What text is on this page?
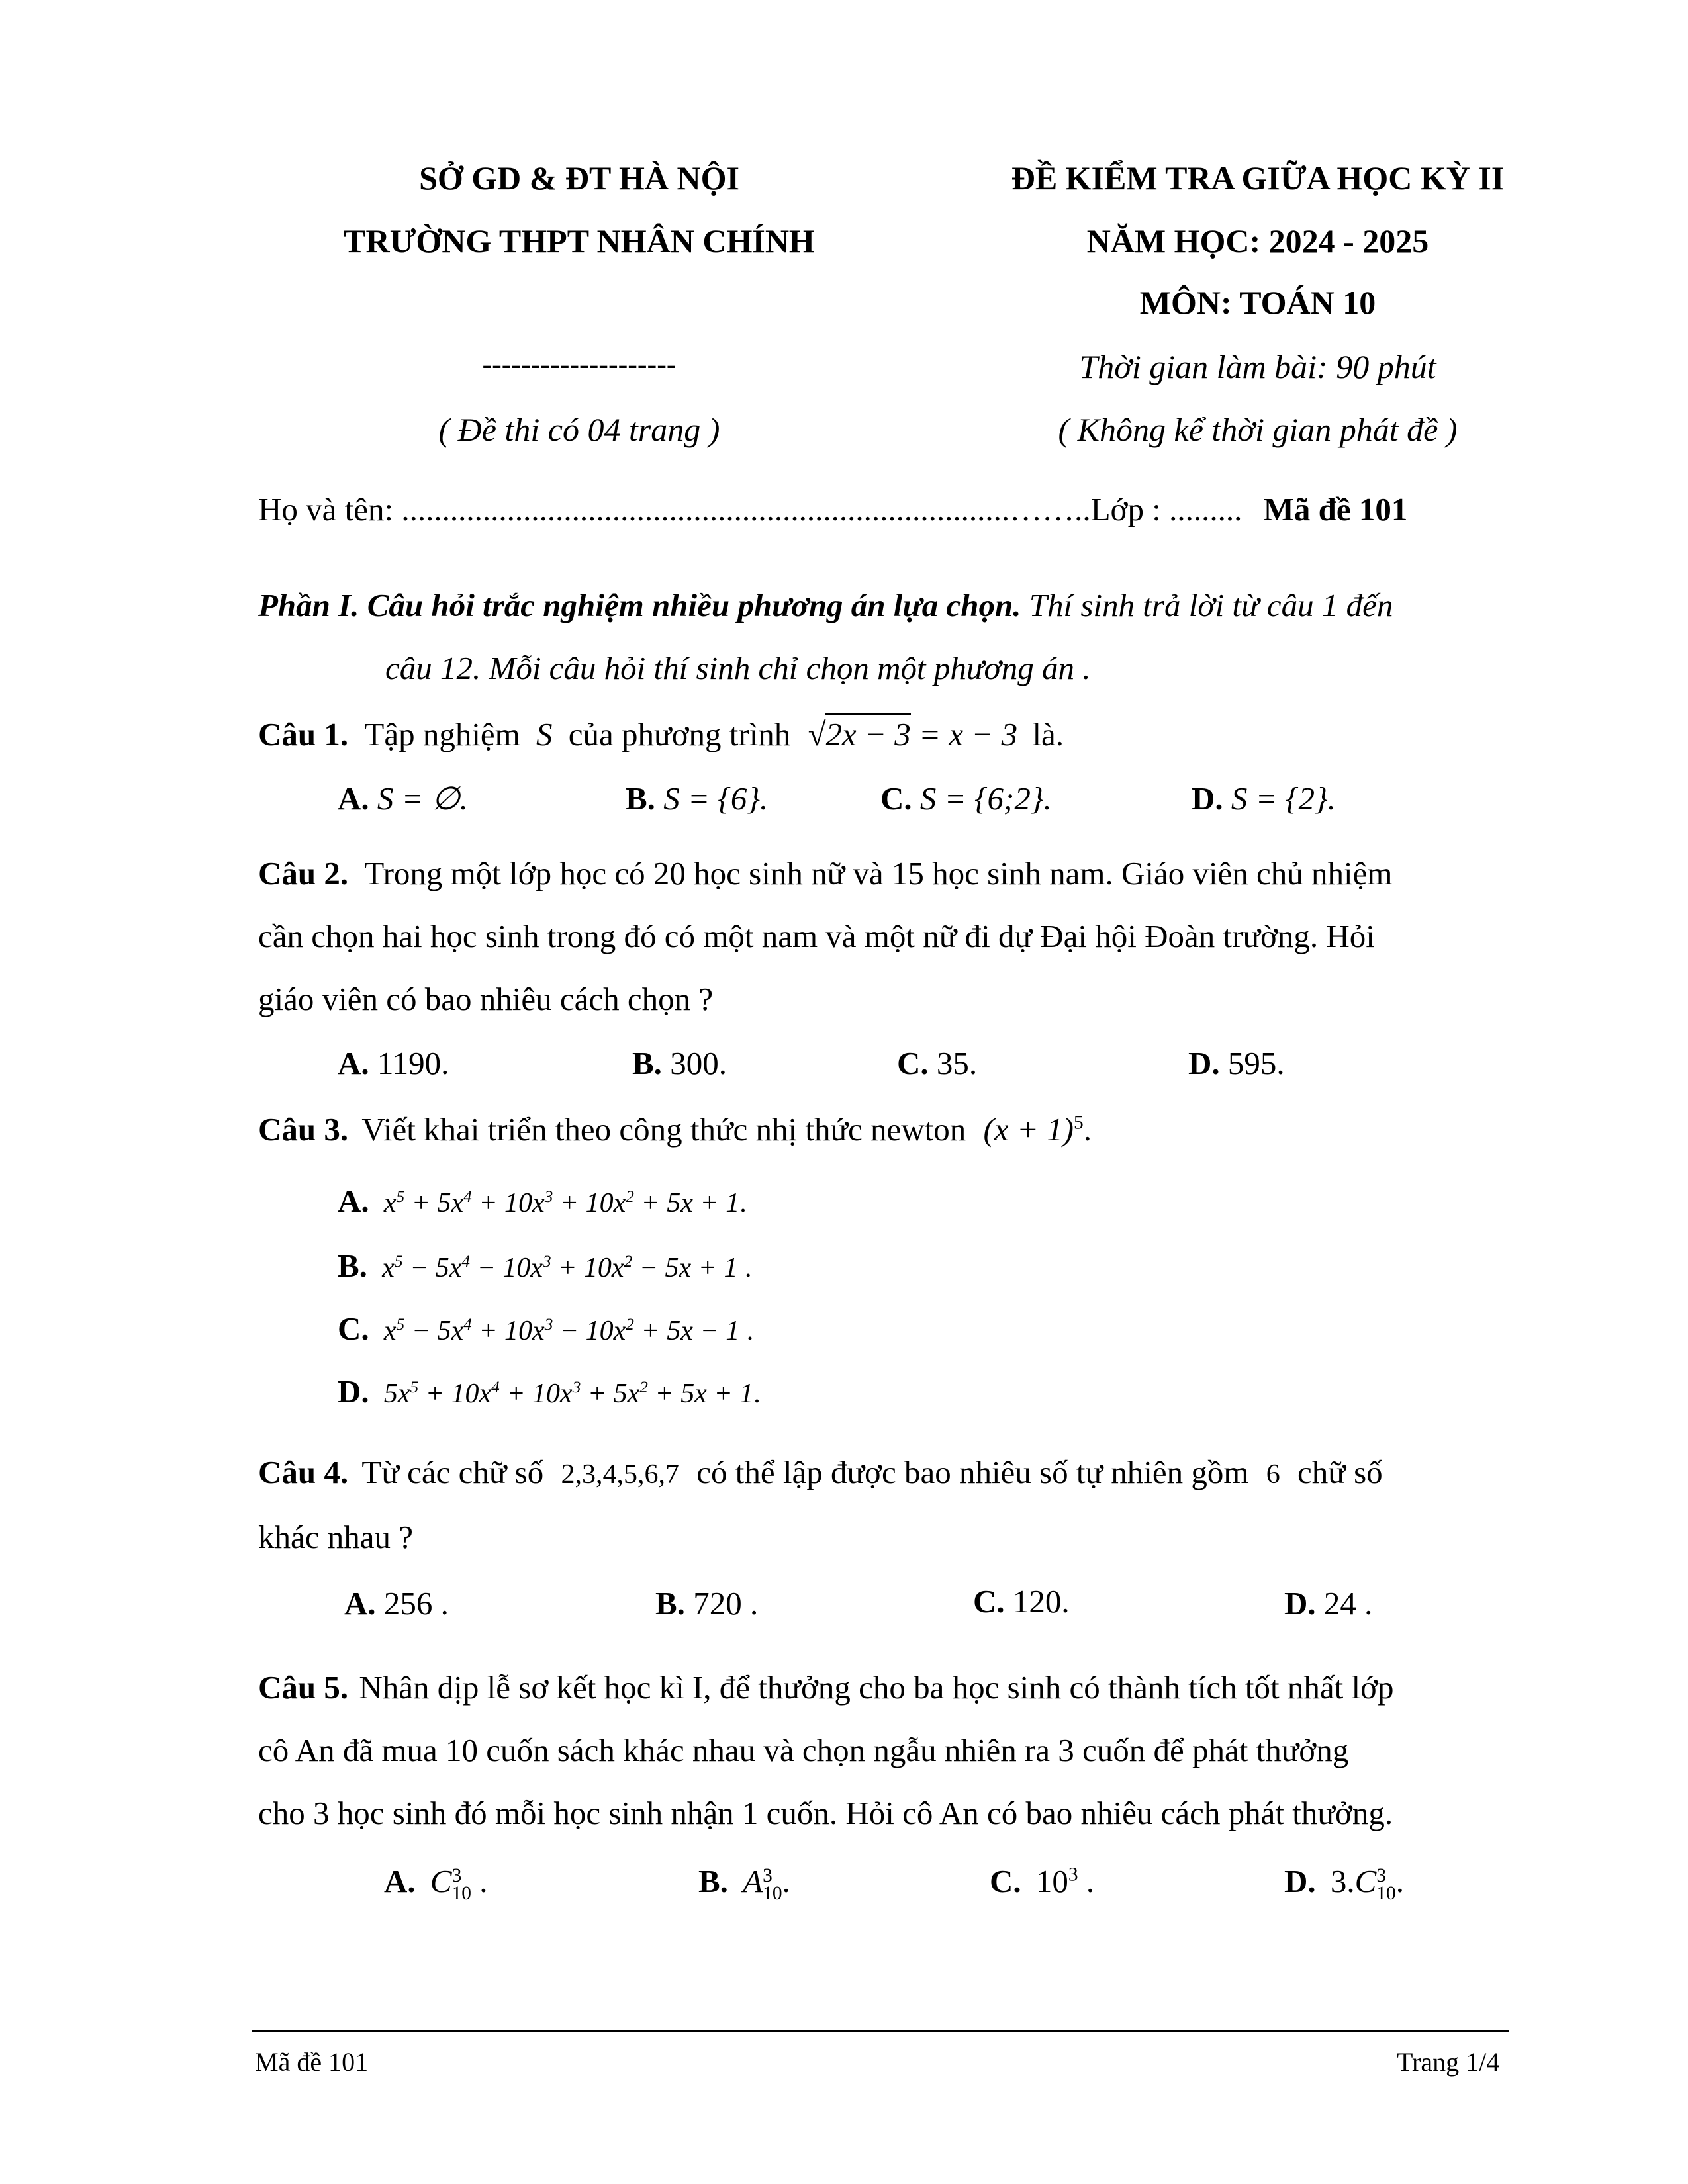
SỞ GD & ĐT HÀ NỘI
TRƯỜNG THPT NHÂN CHÍNH
--------------------
( Đề thi có 04 trang )
ĐỀ KIỂM TRA GIỮA HỌC KỲ II
NĂM HỌC: 2024 - 2025
MÔN: TOÁN 10
Thời gian làm bài: 90 phút
( Không kể thời gian phát đề )
Họ và tên: ...........................................................................……..Lớp : ......... Mã đề 101
Phần I. Câu hỏi trắc nghiệm nhiều phương án lựa chọn. Thí sinh trả lời từ câu 1 đến
câu 12. Mỗi câu hỏi thí sinh chỉ chọn một phương án .
Câu 1. Tập nghiệm S của phương trình √2x − 3 = x − 3 là.
A. S = ∅.	B. S = {6}.	C. S = {6;2}.	D. S = {2}.
Câu 2. Trong một lớp học có 20 học sinh nữ và 15 học sinh nam. Giáo viên chủ nhiệm
cần chọn hai học sinh trong đó có một nam và một nữ đi dự Đại hội Đoàn trường. Hỏi
giáo viên có bao nhiêu cách chọn ?
A. 1190.	B. 300.	C. 35.	D. 595.
Câu 3. Viết khai triển theo công thức nhị thức newton $(x + 1)^5$.
A. $x^5 + 5x^4 + 10x^3 + 10x^2 + 5x + 1$.
B. $x^5 - 5x^4 - 10x^3 + 10x^2 - 5x + 1$ .
C. $x^5 - 5x^4 + 10x^3 - 10x^2 + 5x - 1$ .
D. $5x^5 + 10x^4 + 10x^3 + 5x^2 + 5x + 1$.
Câu 4. Từ các chữ số 2,3,4,5,6,7 có thể lập được bao nhiêu số tự nhiên gồm 6 chữ số
khác nhau ?
A. 256 .	B. 720 .	C. 120.	D. 24 .
Câu 5. Nhân dịp lễ sơ kết học kì I, để thưởng cho ba học sinh có thành tích tốt nhất lớp
cô An đã mua 10 cuốn sách khác nhau và chọn ngẫu nhiên ra 3 cuốn để phát thưởng
cho 3 học sinh đó mỗi học sinh nhận 1 cuốn. Hỏi cô An có bao nhiêu cách phát thưởng.
A. C 3
10 .	B. A 3
10 .	C. $10^3$ .	D. 3.C 3
10 .
Mã đề 101	Trang 1/4
